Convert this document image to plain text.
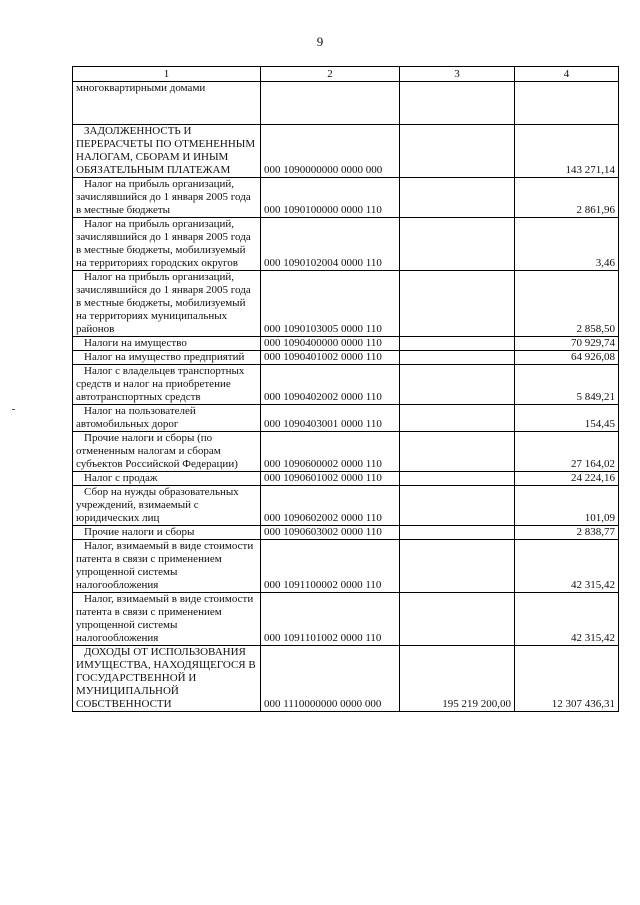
9
1	2	3	4
многоквартирными домами			
ЗАДОЛЖЕННОСТЬ И ПЕРЕРАСЧЕТЫ ПО ОТМЕНЕННЫМ НАЛОГАМ, СБОРАМ И ИНЫМ ОБЯЗАТЕЛЬНЫМ ПЛАТЕЖАМ	000 1090000000 0000 000		143 271,14
Налог на прибыль организаций, зачислявшийся до 1 января 2005 года в местные бюджеты	000 1090100000 0000 110		2 861,96
Налог на прибыль организаций, зачислявшийся до 1 января 2005 года в местные бюджеты, мобилизуемый на территориях городских округов	000 1090102004 0000 110		3,46
Налог на прибыль организаций, зачислявшийся до 1 января 2005 года в местные бюджеты, мобилизуемый на территориях муниципальных районов	000 1090103005 0000 110		2 858,50
Налоги на имущество	000 1090400000 0000 110		70 929,74
Налог на имущество предприятий	000 1090401002 0000 110		64 926,08
Налог с владельцев транспортных средств и налог на приобретение автотранспортных средств	000 1090402002 0000 110		5 849,21
Налог на пользователей автомобильных дорог	000 1090403001 0000 110		154,45
Прочие налоги и сборы (по отмененным налогам и сборам субъектов Российской Федерации)	000 1090600002 0000 110		27 164,02
Налог с продаж	000 1090601002 0000 110		24 224,16
Сбор на нужды образовательных учреждений, взимаемый с юридических лиц	000 1090602002 0000 110		101,09
Прочие налоги и сборы	000 1090603002 0000 110		2 838,77
Налог, взимаемый в виде стоимости патента в связи с применением упрощенной системы налогообложения	000 1091100002 0000 110		42 315,42
Налог, взимаемый в виде стоимости патента в связи с применением упрощенной системы налогообложения	000 1091101002 0000 110		42 315,42
ДОХОДЫ ОТ ИСПОЛЬЗОВАНИЯ ИМУЩЕСТВА, НАХОДЯЩЕГОСЯ В ГОСУДАРСТВЕННОЙ И МУНИЦИПАЛЬНОЙ СОБСТВЕННОСТИ	000 1110000000 0000 000	195 219 200,00	12 307 436,31
